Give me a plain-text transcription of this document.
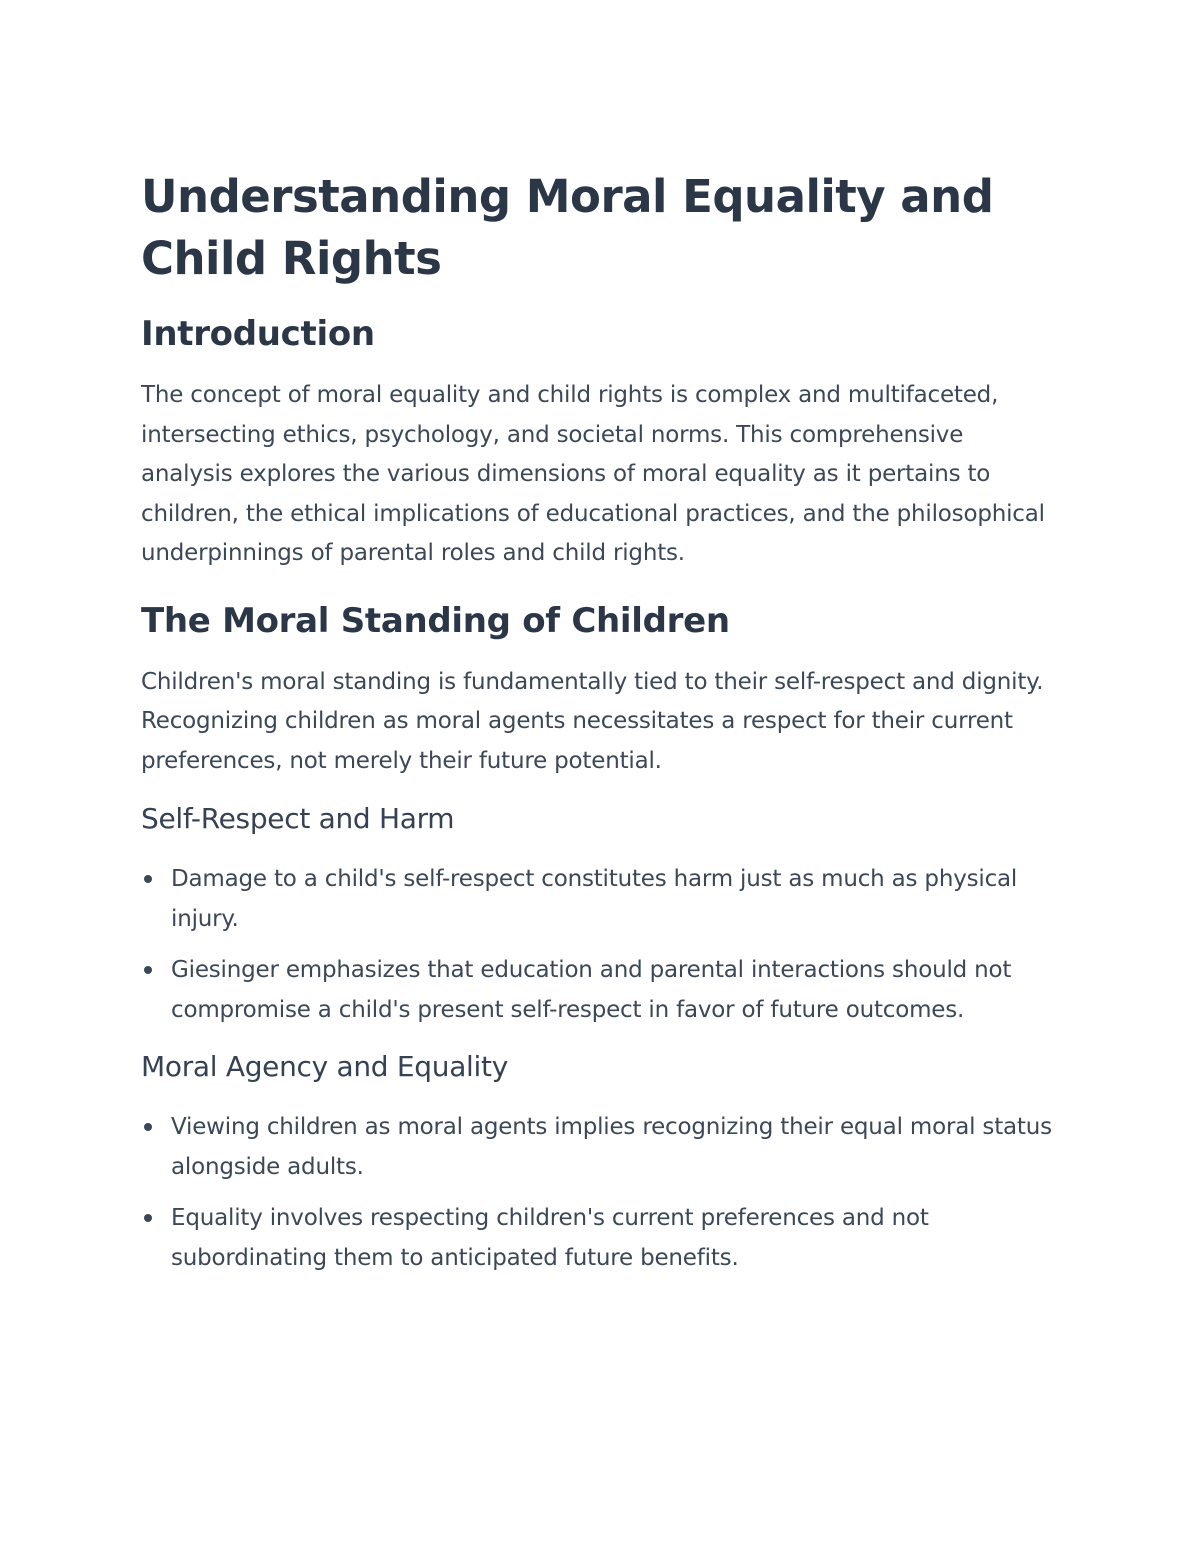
Understanding Moral Equality and Child Rights
Introduction

The concept of moral equality and child rights is complex and multifaceted, intersecting ethics, psychology, and societal norms. This comprehensive analysis explores the various dimensions of moral equality as it pertains to children, the ethical implications of educational practices, and the philosophical underpinnings of parental roles and child rights.

The Moral Standing of Children

Children's moral standing is fundamentally tied to their self-respect and dignity. Recognizing children as moral agents necessitates a respect for their current preferences, not merely their future potential.

Self-Respect and Harm
Damage to a child's self-respect constitutes harm just as much as physical injury.
Giesinger emphasizes that education and parental interactions should not compromise a child's present self-respect in favor of future outcomes.
Moral Agency and Equality
Viewing children as moral agents implies recognizing their equal moral status alongside adults.
Equality involves respecting children's current preferences and not subordinating them to anticipated future benefits.
